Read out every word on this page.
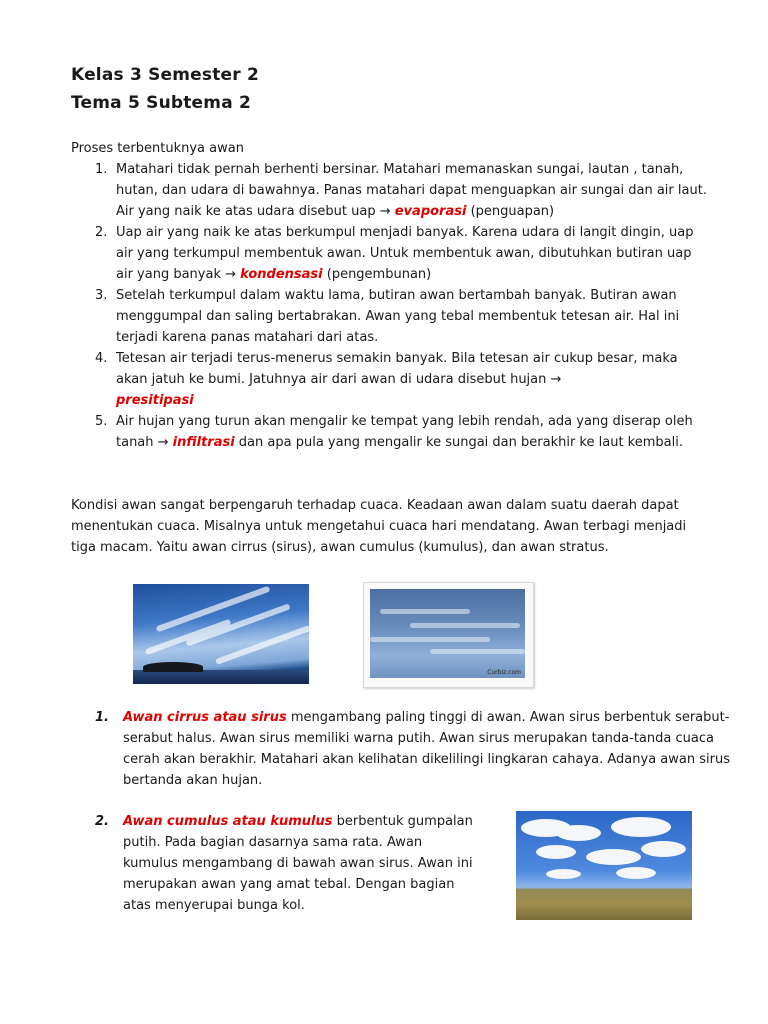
Kelas 3 Semester 2
Tema 5 Subtema 2
Proses terbentuknya awan
1. Matahari tidak pernah berhenti bersinar. Matahari memanaskan sungai, lautan , tanah, hutan, dan udara di bawahnya. Panas matahari dapat menguapkan air sungai dan air laut. Air yang naik ke atas udara disebut uap → evaporasi (penguapan)
2. Uap air yang naik ke atas berkumpul menjadi banyak. Karena udara di langit dingin, uap air yang terkumpul membentuk awan. Untuk membentuk awan, dibutuhkan butiran uap air yang banyak → kondensasi (pengembunan)
3. Setelah terkumpul dalam waktu lama, butiran awan bertambah banyak. Butiran awan menggumpal dan saling bertabrakan. Awan yang tebal membentuk tetesan air. Hal ini terjadi karena panas matahari dari atas.
4. Tetesan air terjadi terus-menerus semakin banyak. Bila tetesan air cukup besar, maka akan jatuh ke bumi. Jatuhnya air dari awan di udara disebut hujan →
presitipasi
5. Air hujan yang turun akan mengalir ke tempat yang lebih rendah, ada yang diserap oleh tanah → infiltrasi dan apa pula yang mengalir ke sungai dan berakhir ke laut kembali.
Kondisi awan sangat berpengaruh terhadap cuaca. Keadaan awan dalam suatu daerah dapat menentukan cuaca. Misalnya untuk mengetahui cuaca hari mendatang. Awan terbagi menjadi tiga macam. Yaitu awan cirrus (sirus), awan cumulus (kumulus), dan awan stratus.
Curbiz.com
1. Awan cirrus atau sirus mengambang paling tinggi di awan. Awan sirus berbentuk serabut-serabut halus. Awan sirus memiliki warna putih. Awan sirus merupakan tanda-tanda cuaca cerah akan berakhir. Matahari akan kelihatan dikelilingi lingkaran cahaya. Adanya awan sirus bertanda akan hujan.
2. Awan cumulus atau kumulus berbentuk gumpalan putih. Pada bagian dasarnya sama rata. Awan kumulus mengambang di bawah awan sirus. Awan ini merupakan awan yang amat tebal. Dengan bagian atas menyerupai bunga kol.
